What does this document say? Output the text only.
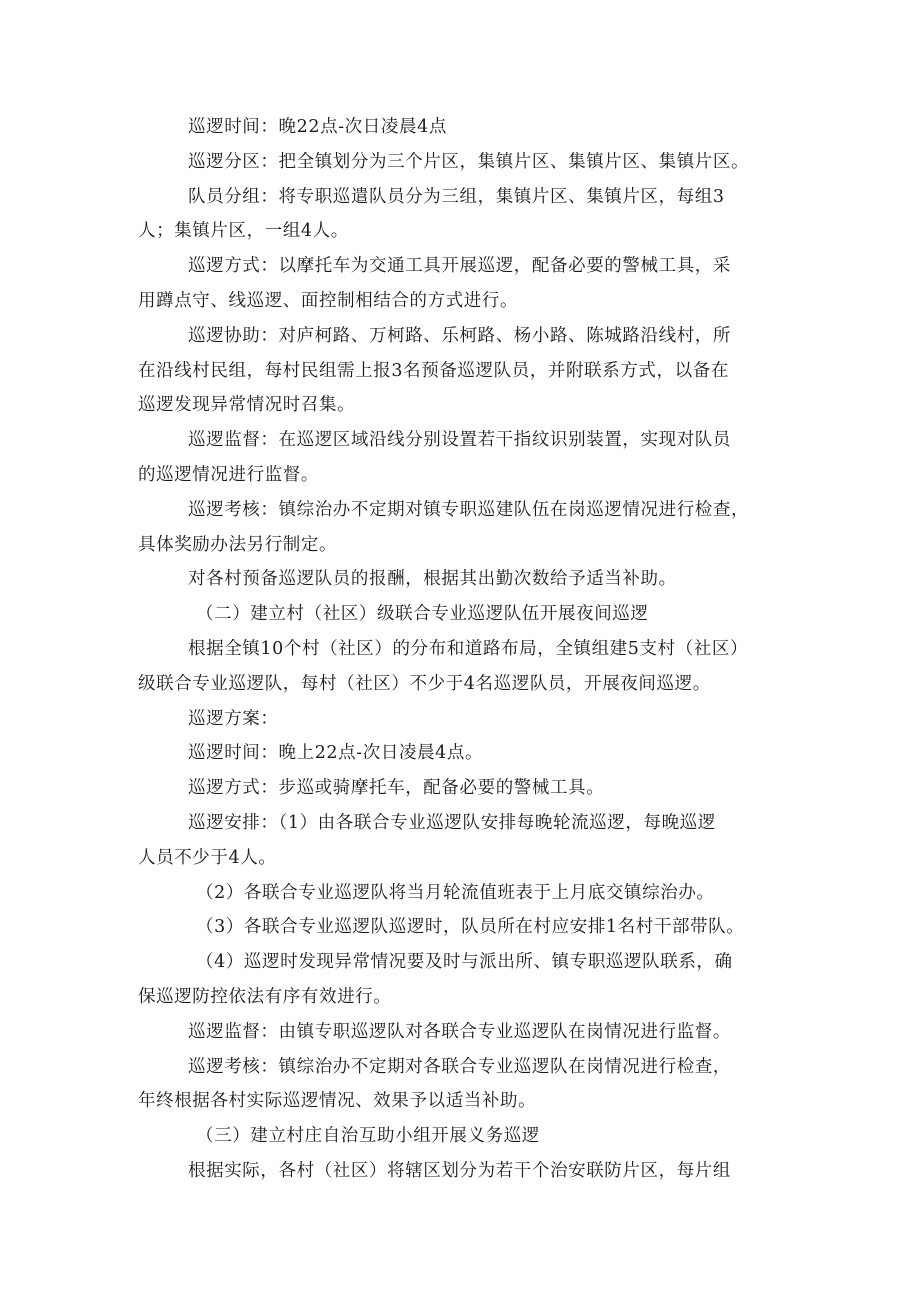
巡逻时间：晚22点-次日凌晨4点
巡逻分区：把全镇划分为三个片区，集镇片区、集镇片区、集镇片区。
队员分组：将专职巡遣队员分为三组，集镇片区、集镇片区，每组3
人；集镇片区，一组4人。
巡逻方式：以摩托车为交通工具开展巡逻，配备必要的警械工具，采
用蹲点守、线巡逻、面控制相结合的方式进行。
巡逻协助：对庐柯路、万柯路、乐柯路、杨小路、陈城路沿线村，所
在沿线村民组，每村民组需上报3名预备巡逻队员，并附联系方式，以备在
巡逻发现异常情况时召集。
巡逻监督：在巡逻区域沿线分别设置若干指纹识别装置，实现对队员
的巡逻情况进行监督。
巡逻考核：镇综治办不定期对镇专职巡建队伍在岗巡逻情况进行检查，
具体奖励办法另行制定。
对各村预备巡逻队员的报酬，根据其出勤次数给予适当补助。
（二）建立村（社区）级联合专业巡逻队伍开展夜间巡逻
根据全镇10个村（社区）的分布和道路布局，全镇组建5支村（社区）
级联合专业巡逻队，每村（社区）不少于4名巡逻队员，开展夜间巡逻。
巡逻方案：
巡逻时间：晚上22点-次日凌晨4点。
巡逻方式：步巡或骑摩托车，配备必要的警械工具。
巡逻安排：（1）由各联合专业巡逻队安排每晚轮流巡逻，每晚巡逻
人员不少于4人。
（2）各联合专业巡逻队将当月轮流值班表于上月底交镇综治办。
（3）各联合专业巡逻队巡逻时，队员所在村应安排1名村干部带队。
（4）巡逻时发现异常情况要及时与派出所、镇专职巡逻队联系，确
保巡逻防控依法有序有效进行。
巡逻监督：由镇专职巡逻队对各联合专业巡逻队在岗情况进行监督。
巡逻考核：镇综治办不定期对各联合专业巡逻队在岗情况进行检查，
年终根据各村实际巡逻情况、效果予以适当补助。
（三）建立村庄自治互助小组开展义务巡逻
根据实际，各村（社区）将辖区划分为若干个治安联防片区，每片组
